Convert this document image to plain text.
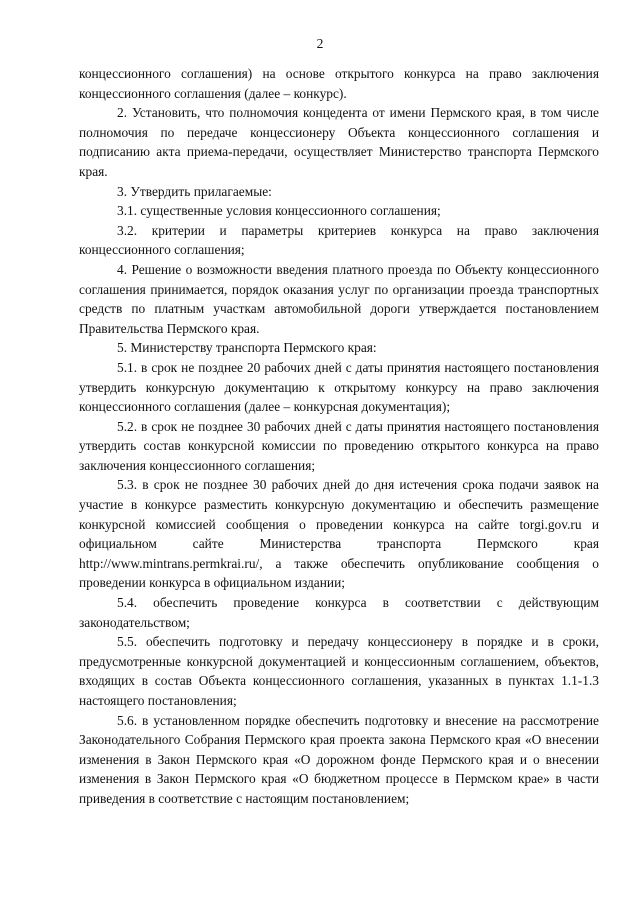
2

концессионного соглашения) на основе открытого конкурса на право заключения концессионного соглашения (далее – конкурс).

2. Установить, что полномочия концедента от имени Пермского края, в том числе полномочия по передаче концессионеру Объекта концессионного соглашения и подписанию акта приема-передачи, осуществляет Министерство транспорта Пермского края.

3. Утвердить прилагаемые:

3.1. существенные условия концессионного соглашения;

3.2. критерии и параметры критериев конкурса на право заключения концессионного соглашения;

4. Решение о возможности введения платного проезда по Объекту концессионного соглашения принимается, порядок оказания услуг по организации проезда транспортных средств по платным участкам автомобильной дороги утверждается постановлением Правительства Пермского края.

5. Министерству транспорта Пермского края:

5.1. в срок не позднее 20 рабочих дней с даты принятия настоящего постановления утвердить конкурсную документацию к открытому конкурсу на право заключения концессионного соглашения (далее – конкурсная документация);

5.2. в срок не позднее 30 рабочих дней с даты принятия настоящего постановления утвердить состав конкурсной комиссии по проведению открытого конкурса на право заключения концессионного соглашения;

5.3. в срок не позднее 30 рабочих дней до дня истечения срока подачи заявок на участие в конкурсе разместить конкурсную документацию и обеспечить размещение конкурсной комиссией сообщения о проведении конкурса на сайте torgi.gov.ru и официальном сайте Министерства транспорта Пермского края http://www.mintrans.permkrai.ru/, а также обеспечить опубликование сообщения о проведении конкурса в официальном издании;

5.4. обеспечить проведение конкурса в соответствии с действующим законодательством;

5.5. обеспечить подготовку и передачу концессионеру в порядке и в сроки, предусмотренные конкурсной документацией и концессионным соглашением, объектов, входящих в состав Объекта концессионного соглашения, указанных в пунктах 1.1-1.3 настоящего постановления;

5.6. в установленном порядке обеспечить подготовку и внесение на рассмотрение Законодательного Собрания Пермского края проекта закона Пермского края «О внесении изменения в Закон Пермского края «О дорожном фонде Пермского края и о внесении изменения в Закон Пермского края «О бюджетном процессе в Пермском крае» в части приведения в соответствие с настоящим постановлением;
